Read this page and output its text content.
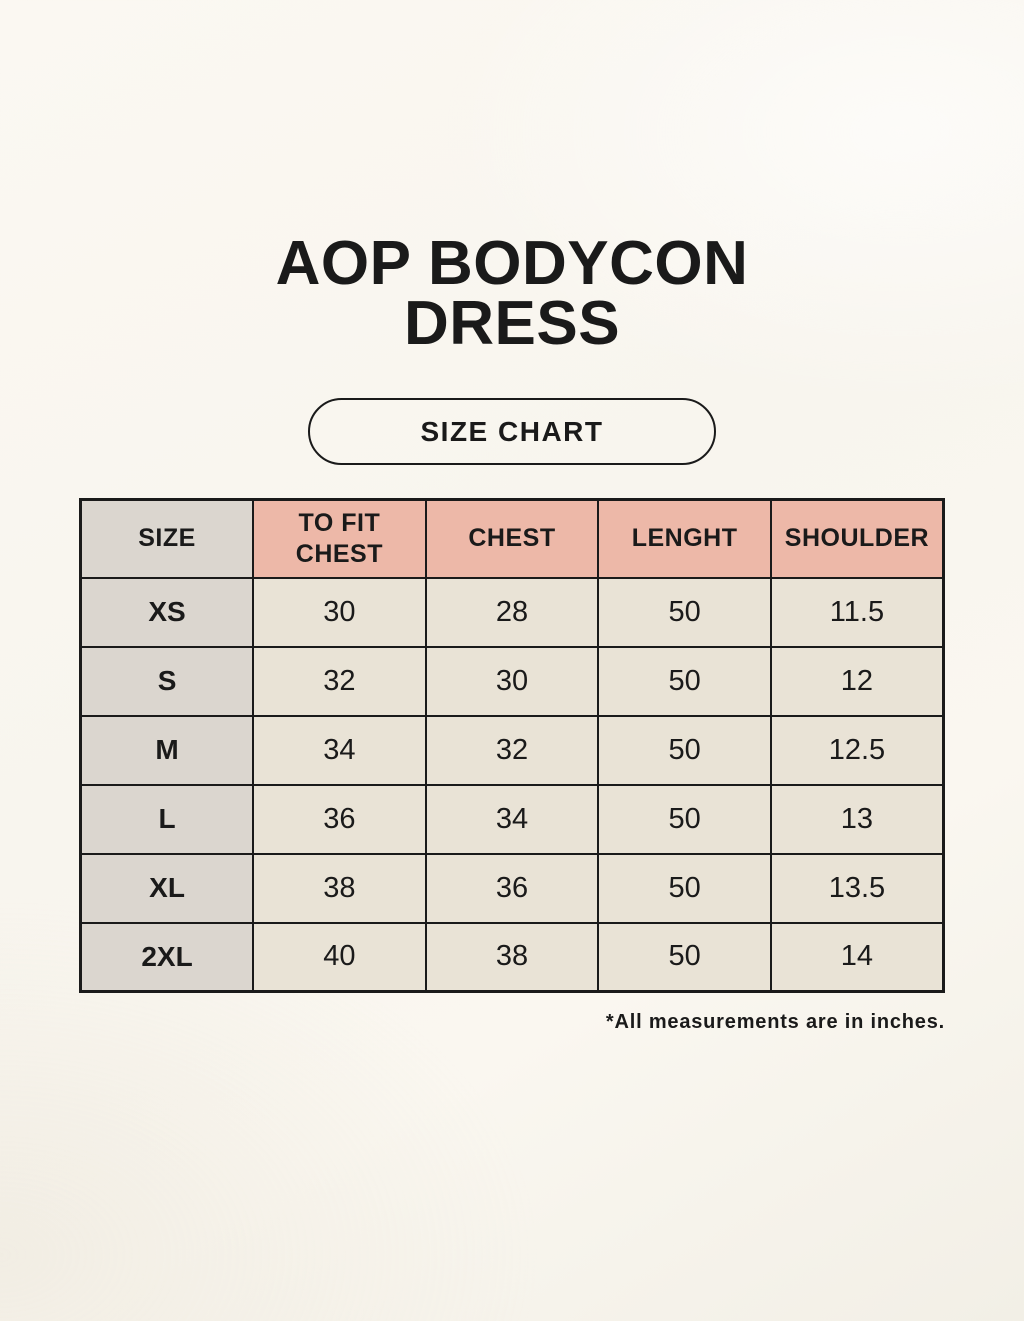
AOP BODYCON
DRESS
SIZE CHART
SIZE	TO FIT CHEST	CHEST	LENGHT	SHOULDER
XS	30	28	50	11.5
S	32	30	50	12
M	34	32	50	12.5
L	36	34	50	13
XL	38	36	50	13.5
2XL	40	38	50	14
*All measurements are in inches.
